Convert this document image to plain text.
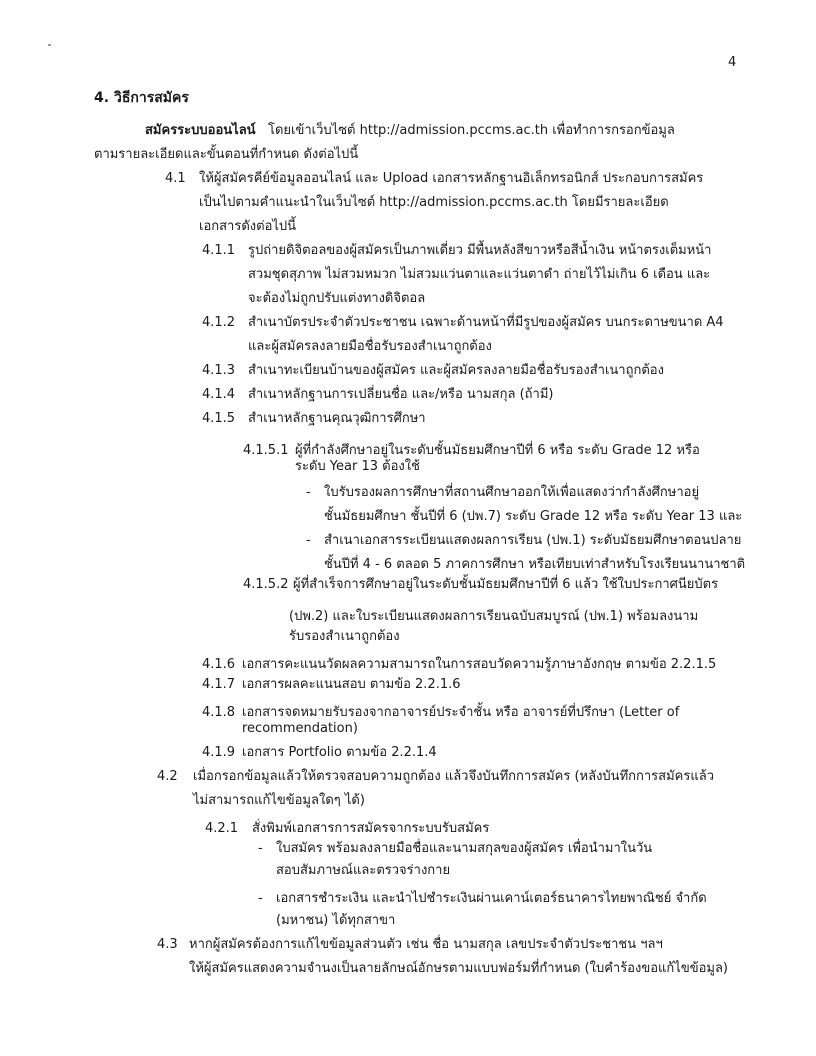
4
4. วิธีการสมัคร
สมัครระบบออนไลน์ โดยเข้าเว็บไซต์ http://admission.pccms.ac.th เพื่อทำการกรอกข้อมูล
ตามรายละเอียดและขั้นตอนที่กำหนด ดังต่อไปนี้
4.1 ให้ผู้สมัครคีย์ข้อมูลออนไลน์ และ Upload เอกสารหลักฐานอิเล็กทรอนิกส์ ประกอบการสมัคร
เป็นไปตามคำแนะนำในเว็บไซต์ http://admission.pccms.ac.th โดยมีรายละเอียด
เอกสารดังต่อไปนี้
4.1.1 รูปถ่ายดิจิตอลของผู้สมัครเป็นภาพเดี่ยว มีพื้นหลังสีขาวหรือสีน้ำเงิน หน้าตรงเต็มหน้า
สวมชุดสุภาพ ไม่สวมหมวก ไม่สวมแว่นตาและแว่นตาดำ ถ่ายไว้ไม่เกิน 6 เดือน และ
จะต้องไม่ถูกปรับแต่งทางดิจิตอล
4.1.2 สำเนาบัตรประจำตัวประชาชน เฉพาะด้านหน้าที่มีรูปของผู้สมัคร บนกระดาษขนาด A4
และผู้สมัครลงลายมือชื่อรับรองสำเนาถูกต้อง
4.1.3 สำเนาทะเบียนบ้านของผู้สมัคร และผู้สมัครลงลายมือชื่อรับรองสำเนาถูกต้อง
4.1.4 สำเนาหลักฐานการเปลี่ยนชื่อ และ/หรือ นามสกุล (ถ้ามี)
4.1.5 สำเนาหลักฐานคุณวุฒิการศึกษา
4.1.5.1 ผู้ที่กำลังศึกษาอยู่ในระดับชั้นมัธยมศึกษาปีที่ 6 หรือ ระดับ Grade 12 หรือ
ระดับ Year 13 ต้องใช้
- ใบรับรองผลการศึกษาที่สถานศึกษาออกให้เพื่อแสดงว่ากำลังศึกษาอยู่
ชั้นมัธยมศึกษา ชั้นปีที่ 6 (ปพ.7) ระดับ Grade 12 หรือ ระดับ Year 13 และ
- สำเนาเอกสารระเบียนแสดงผลการเรียน (ปพ.1) ระดับมัธยมศึกษาตอนปลาย
ชั้นปีที่ 4 - 6 ตลอด 5 ภาคการศึกษา หรือเทียบเท่าสำหรับโรงเรียนนานาชาติ
4.1.5.2 ผู้ที่สำเร็จการศึกษาอยู่ในระดับชั้นมัธยมศึกษาปีที่ 6 แล้ว ใช้ใบประกาศนียบัตร
(ปพ.2) และใบระเบียนแสดงผลการเรียนฉบับสมบูรณ์ (ปพ.1) พร้อมลงนาม
รับรองสำเนาถูกต้อง
4.1.6 เอกสารคะแนนวัดผลความสามารถในการสอบวัดความรู้ภาษาอังกฤษ ตามข้อ 2.2.1.5
4.1.7 เอกสารผลคะแนนสอบ ตามข้อ 2.2.1.6
4.1.8 เอกสารจดหมายรับรองจากอาจารย์ประจำชั้น หรือ อาจารย์ที่ปรึกษา (Letter of
recommendation)
4.1.9 เอกสาร Portfolio ตามข้อ 2.2.1.4
4.2 เมื่อกรอกข้อมูลแล้วให้ตรวจสอบความถูกต้อง แล้วจึงบันทึกการสมัคร (หลังบันทึกการสมัครแล้ว
ไม่สามารถแก้ไขข้อมูลใดๆ ได้)
4.2.1 สั่งพิมพ์เอกสารการสมัครจากระบบรับสมัคร
- ใบสมัคร พร้อมลงลายมือชื่อและนามสกุลของผู้สมัคร เพื่อนำมาในวัน
สอบสัมภาษณ์และตรวจร่างกาย
- เอกสารชำระเงิน และนำไปชำระเงินผ่านเคาน์เตอร์ธนาคารไทยพาณิชย์ จำกัด
(มหาชน) ได้ทุกสาขา
4.3 หากผู้สมัครต้องการแก้ไขข้อมูลส่วนตัว เช่น ชื่อ นามสกุล เลขประจำตัวประชาชน ฯลฯ
ให้ผู้สมัครแสดงความจำนงเป็นลายลักษณ์อักษรตามแบบฟอร์มที่กำหนด (ใบคำร้องขอแก้ไขข้อมูล)
